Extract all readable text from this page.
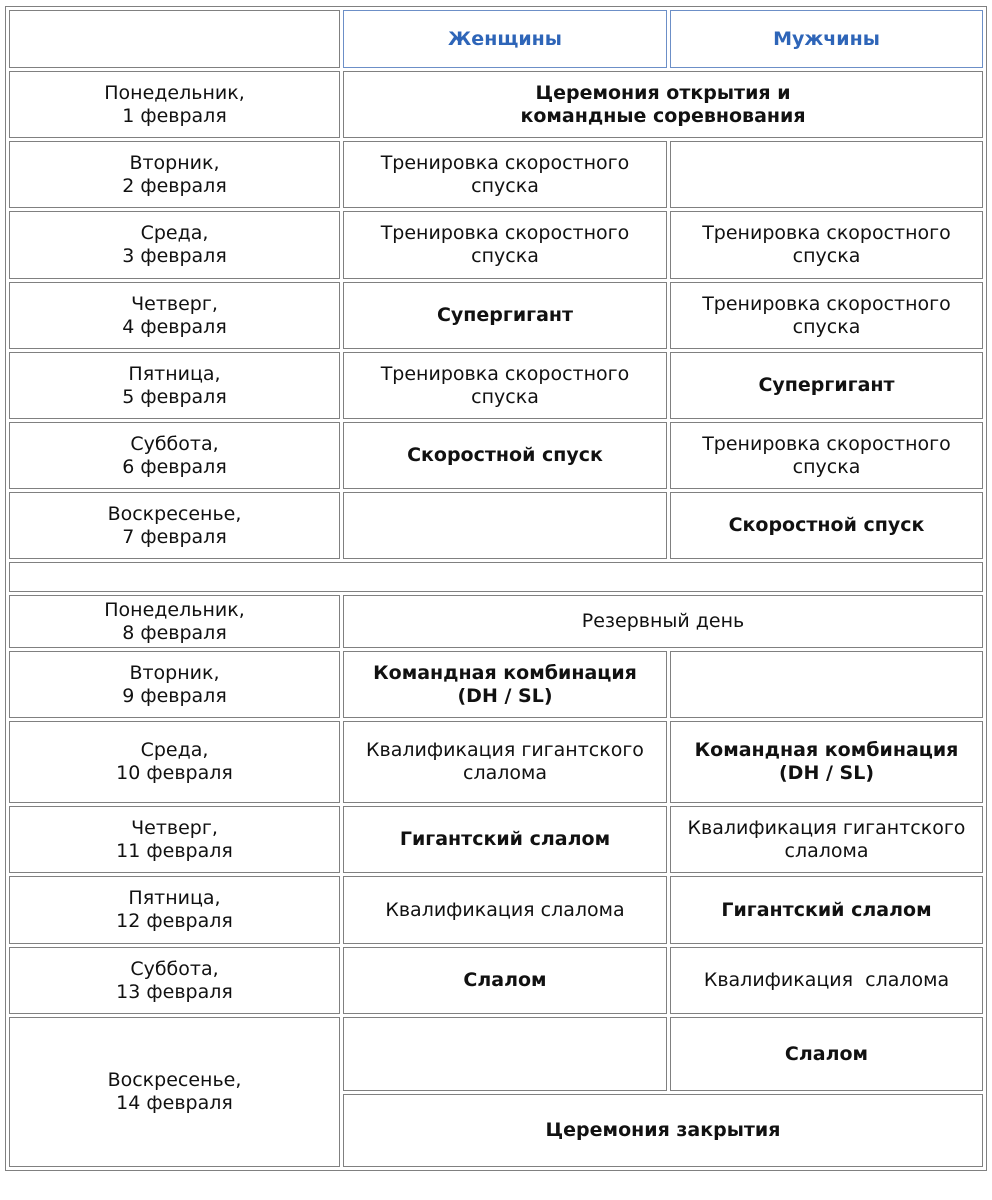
	Женщины	Мужчины

Понедельник,
1 февраля	Церемония открытия и
командные соревнования	

Вторник,
2 февраля	Тренировка скоростного спуска	

Среда,
3 февраля	Тренировка скоростного спуска	Тренировка скоростного спуска

Четверг,
4 февраля	Супергигант	Тренировка скоростного спуска

Пятница,
5 февраля	Тренировка скоростного спуска	Супергигант

Суббота,
6 февраля	Скоростной спуск	Тренировка скоростного спуска

Воскресенье,
7 февраля		Скоростной спуск

Понедельник,
8 февраля	Резервный день	

Вторник,
9 февраля	Командная комбинация
(DH / SL)	

Среда,
10 февраля	Квалификация гигантского слалома	Командная комбинация
(DH / SL)

Четверг,
11 февраля	Гигантский слалом	Квалификация гигантского слалома

Пятница,
12 февраля	Квалификация слалома	Гигантский слалом

Суббота,
13 февраля	Слалом	Квалификация  слалома

Воскресенье,
14 февраля		Слалом
	Церемония закрытия	
